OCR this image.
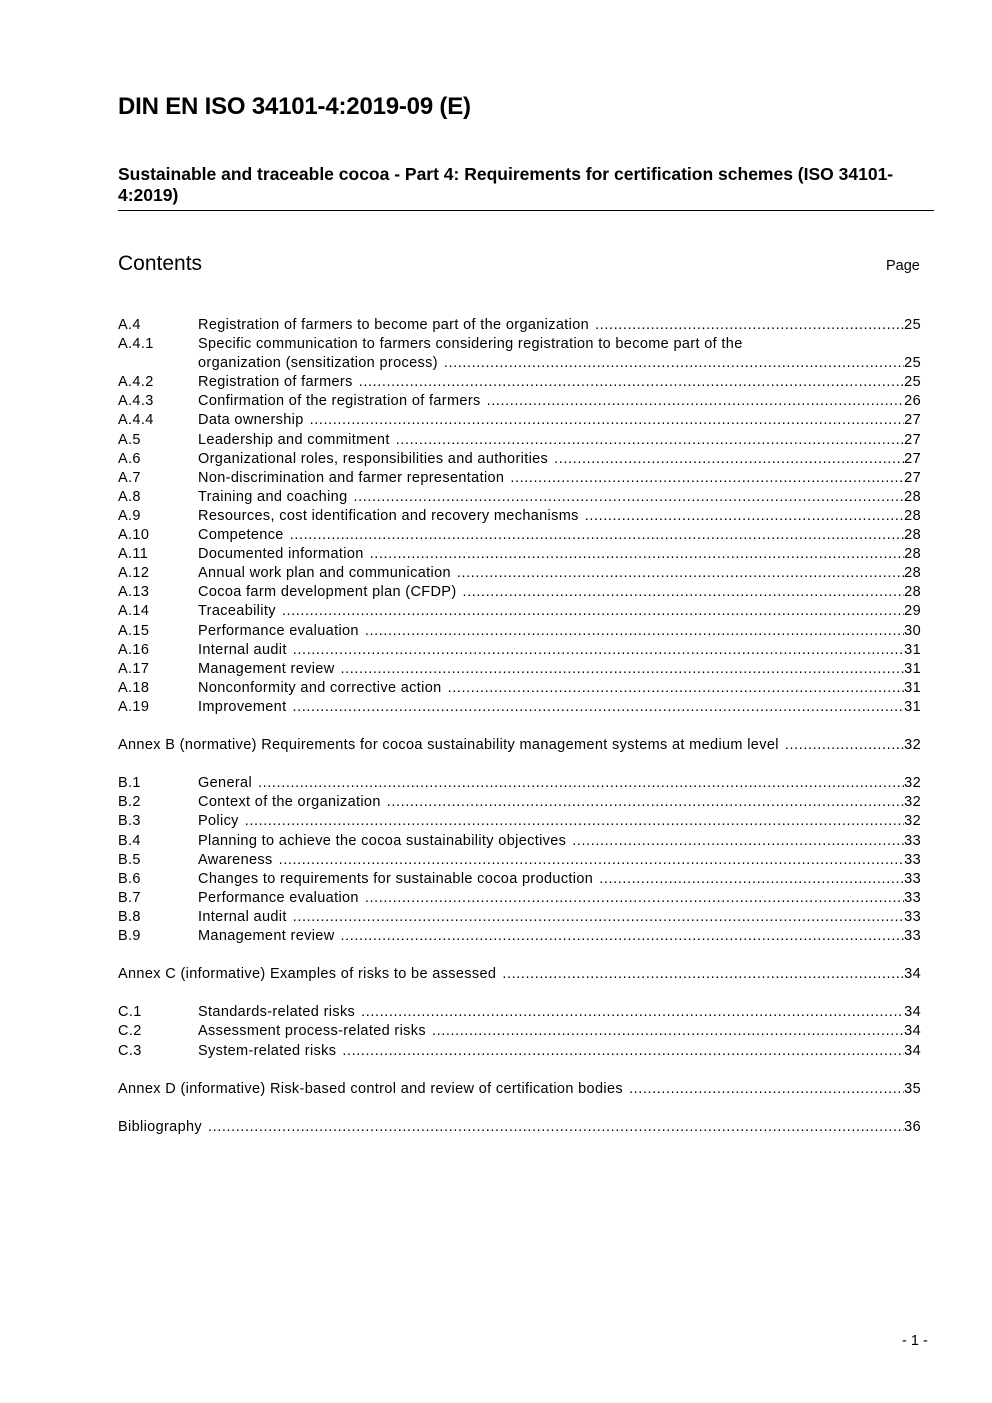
DIN EN ISO 34101-4:2019-09 (E)
Sustainable and traceable cocoa - Part 4: Requirements for certification schemes (ISO 34101-4:2019)
Contents	Page
A.4	Registration of farmers to become part of the organization .....	25
A.4.1	Specific communication to farmers considering registration to become part of the
organization (sensitization process) .....	25
A.4.2	Registration of farmers .....	25
A.4.3	Confirmation of the registration of farmers .....	26
A.4.4	Data ownership .....	27
A.5	Leadership and commitment .....	27
A.6	Organizational roles, responsibilities and authorities .....	27
A.7	Non-discrimination and farmer representation .....	27
A.8	Training and coaching .....	28
A.9	Resources, cost identification and recovery mechanisms .....	28
A.10	Competence .....	28
A.11	Documented information .....	28
A.12	Annual work plan and communication .....	28
A.13	Cocoa farm development plan (CFDP) .....	28
A.14	Traceability .....	29
A.15	Performance evaluation .....	30
A.16	Internal audit .....	31
A.17	Management review .....	31
A.18	Nonconformity and corrective action .....	31
A.19	Improvement .....	31
Annex B (normative) Requirements for cocoa sustainability management systems at medium level .....	32
B.1	General .....	32
B.2	Context of the organization .....	32
B.3	Policy .....	32
B.4	Planning to achieve the cocoa sustainability objectives .....	33
B.5	Awareness .....	33
B.6	Changes to requirements for sustainable cocoa production .....	33
B.7	Performance evaluation .....	33
B.8	Internal audit .....	33
B.9	Management review .....	33
Annex C (informative) Examples of risks to be assessed .....	34
C.1	Standards-related risks .....	34
C.2	Assessment process-related risks .....	34
C.3	System-related risks .....	34
Annex D (informative) Risk-based control and review of certification bodies .....	35
Bibliography .....	36
- 1 -
